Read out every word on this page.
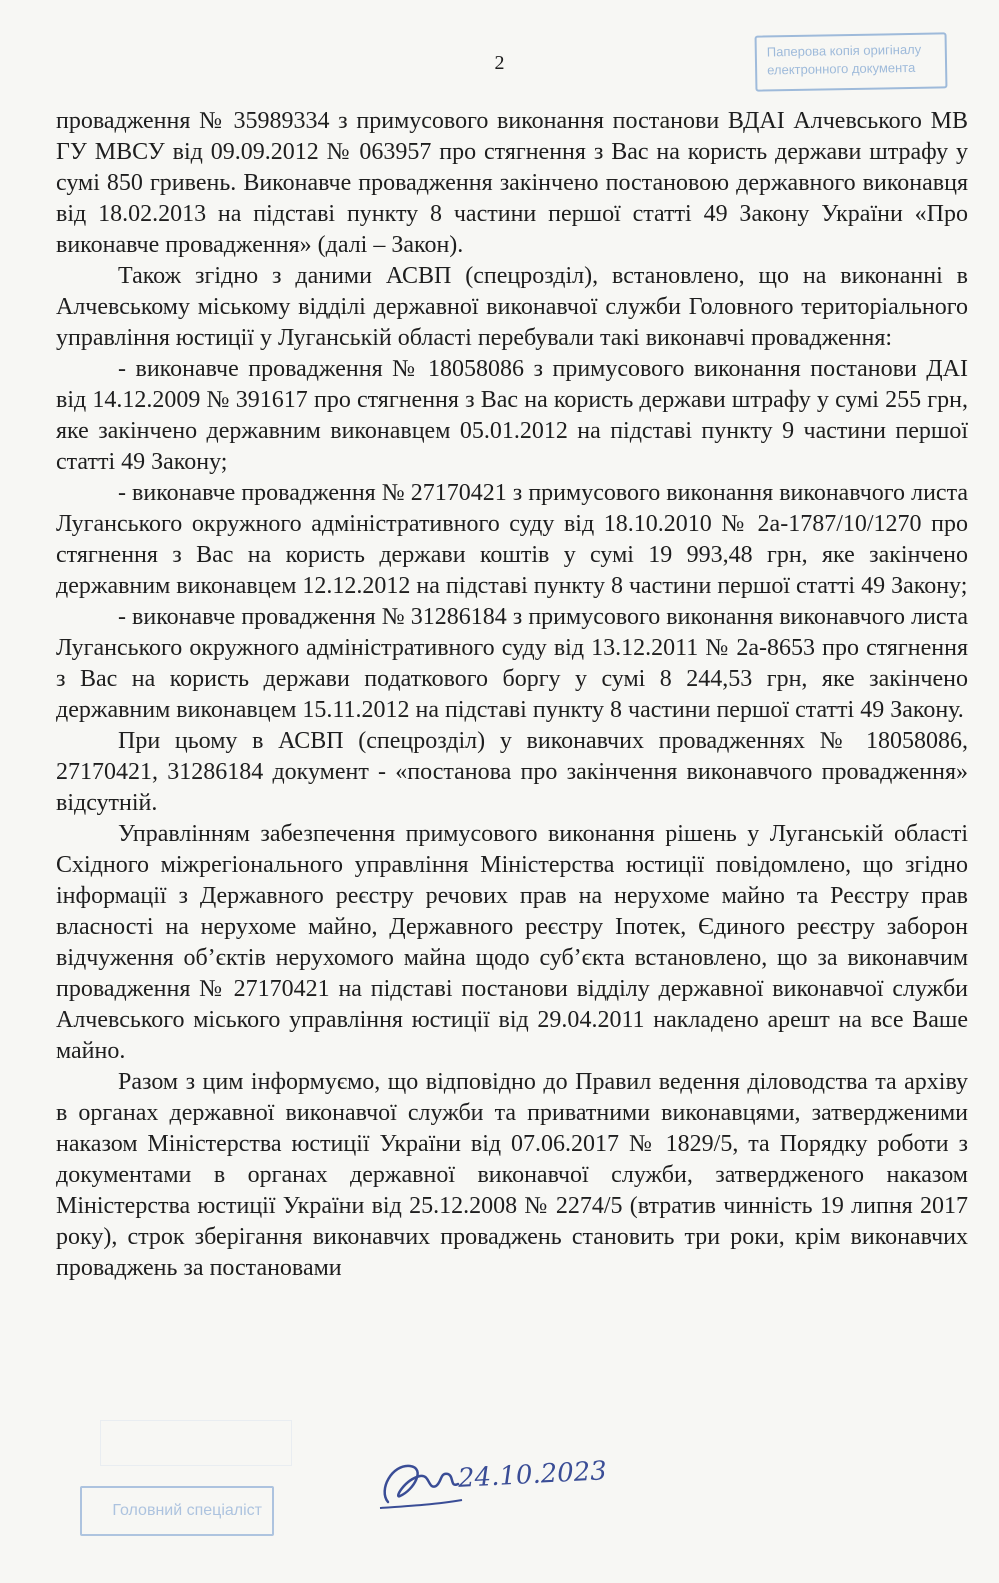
2
Паперова копія оригіналу
електронного документа

провадження № 35989334 з примусового виконання постанови ВДАІ Алчевського МВ ГУ МВСУ від 09.09.2012 № 063957 про стягнення з Вас на користь держави штрафу у сумі 850 гривень. Виконавче провадження закінчено постановою державного виконавця від 18.02.2013 на підставі пункту 8 частини першої статті 49 Закону України «Про виконавче провадження» (далі – Закон).

Також згідно з даними АСВП (спецрозділ), встановлено, що на виконанні в Алчевському міському відділі державної виконавчої служби Головного територіального управління юстиції у Луганській області перебували такі виконавчі провадження:

- виконавче провадження № 18058086 з примусового виконання постанови ДАІ від 14.12.2009 № 391617 про стягнення з Вас на користь держави штрафу у сумі 255 грн, яке закінчено державним виконавцем 05.01.2012 на підставі пункту 9 частини першої статті 49 Закону;

- виконавче провадження № 27170421 з примусового виконання виконавчого листа Луганського окружного адміністративного суду від 18.10.2010 № 2а-1787/10/1270 про стягнення з Вас на користь держави коштів у сумі 19 993,48 грн, яке закінчено державним виконавцем 12.12.2012 на підставі пункту 8 частини першої статті 49 Закону;

- виконавче провадження № 31286184 з примусового виконання виконавчого листа Луганського окружного адміністративного суду від 13.12.2011 № 2а-8653 про стягнення з Вас на користь держави податкового боргу у сумі 8 244,53 грн, яке закінчено державним виконавцем 15.11.2012 на підставі пункту 8 частини першої статті 49 Закону.

При цьому в АСВП (спецрозділ) у виконавчих провадженнях № 18058086, 27170421, 31286184 документ - «постанова про закінчення виконавчого провадження» відсутній.

Управлінням забезпечення примусового виконання рішень у Луганській області Східного міжрегіонального управління Міністерства юстиції повідомлено, що згідно інформації з Державного реєстру речових прав на нерухоме майно та Реєстру прав власності на нерухоме майно, Державного реєстру Іпотек, Єдиного реєстру заборон відчуження об’єктів нерухомого майна щодо суб’єкта встановлено, що за виконавчим провадження № 27170421 на підставі постанови відділу державної виконавчої служби Алчевського міського управління юстиції від 29.04.2011 накладено арешт на все Ваше майно.

Разом з цим інформуємо, що відповідно до Правил ведення діловодства та архіву в органах державної виконавчої служби та приватними виконавцями, затвердженими наказом Міністерства юстиції України від 07.06.2017 № 1829/5, та Порядку роботи з документами в органах державної виконавчої служби, затвердженого наказом Міністерства юстиції України від 25.12.2008 № 2274/5 (втратив чинність 19 липня 2017 року), строк зберігання виконавчих проваджень становить три роки, крім виконавчих проваджень за постановами

Головний спеціаліст
24.10.2023
